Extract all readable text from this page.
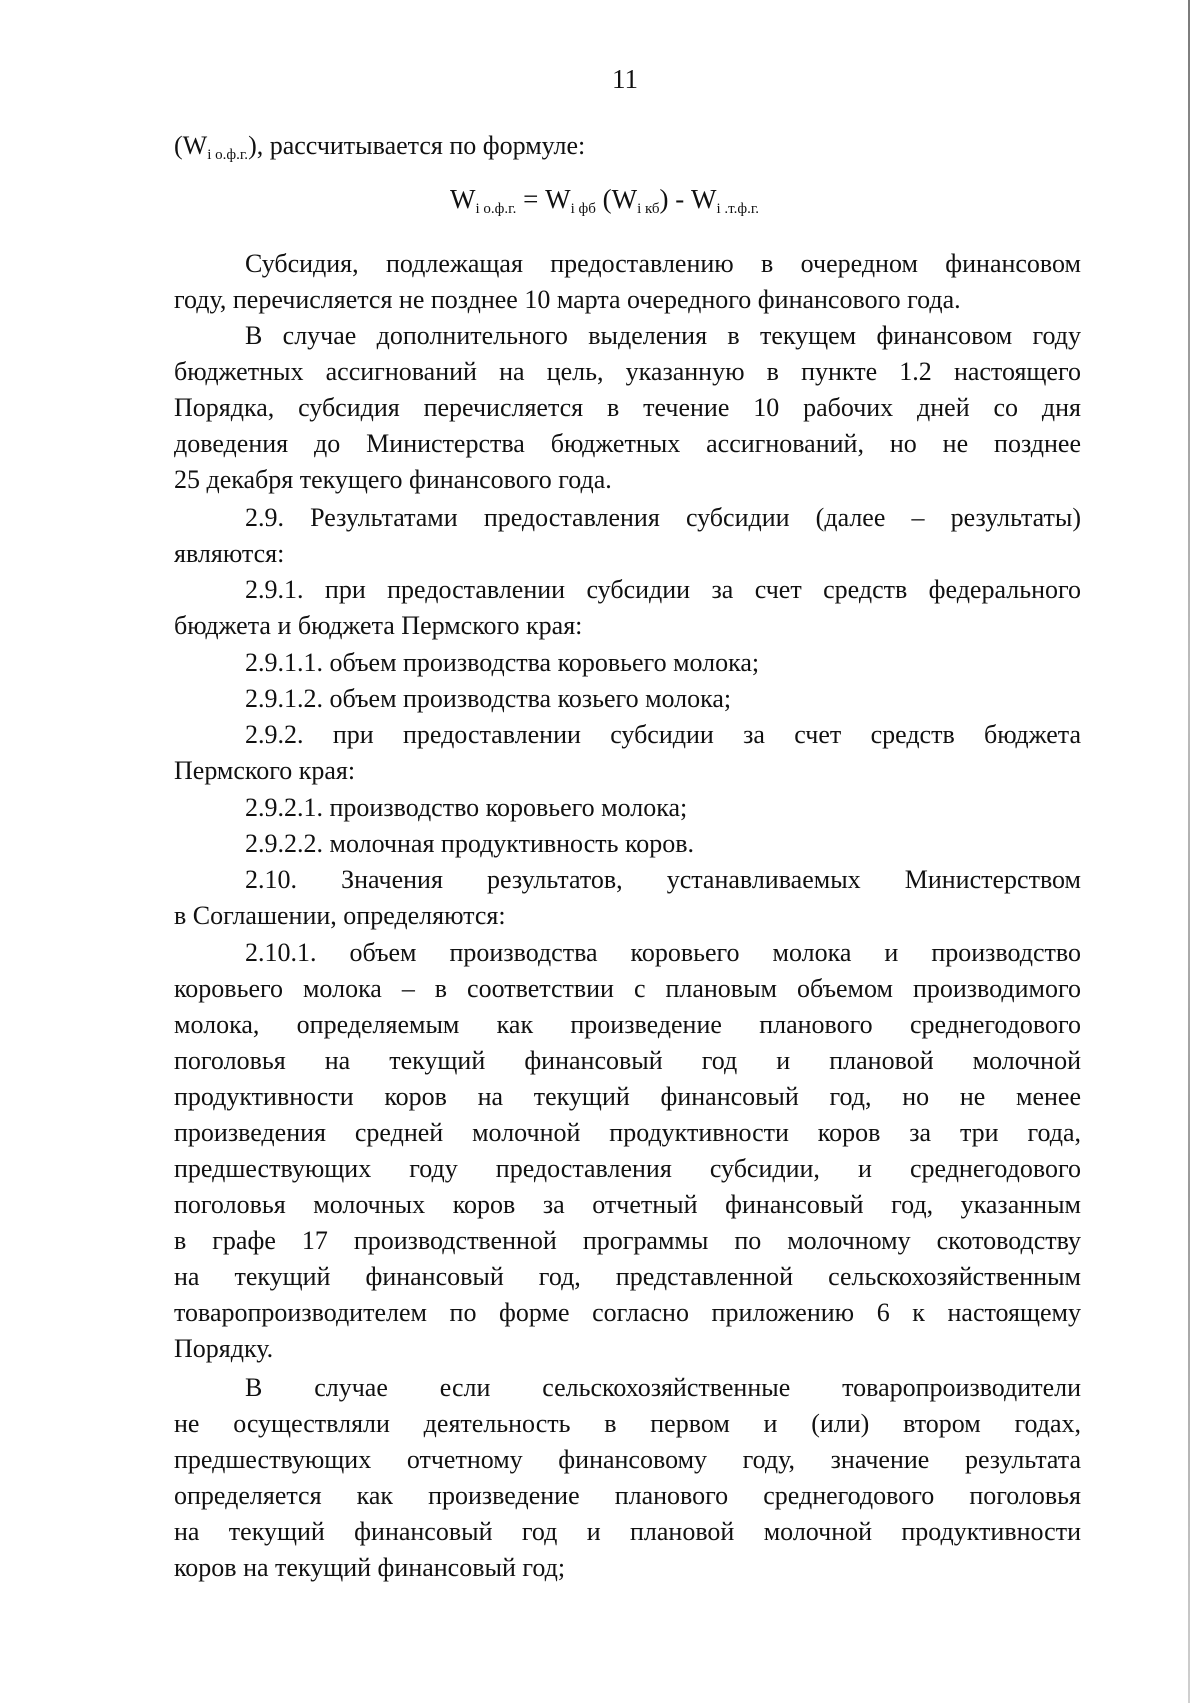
11
(Wi о.ф.г.), рассчитывается по формуле:
Wi о.ф.г. = Wi фб (Wi кб) - Wi .т.ф.г.
Субсидия, подлежащая предоставлению в очередном финансовом
году, перечисляется не позднее 10 марта очередного финансового года.
В случае дополнительного выделения в текущем финансовом году
бюджетных ассигнований на цель, указанную в пункте 1.2 настоящего
Порядка, субсидия перечисляется в течение 10 рабочих дней со дня
доведения до Министерства бюджетных ассигнований, но не позднее
25 декабря текущего финансового года.
2.9. Результатами предоставления субсидии (далее – результаты)
являются:
2.9.1. при предоставлении субсидии за счет средств федерального
бюджета и бюджета Пермского края:
2.9.1.1. объем производства коровьего молока;
2.9.1.2. объем производства козьего молока;
2.9.2. при предоставлении субсидии за счет средств бюджета
Пермского края:
2.9.2.1. производство коровьего молока;
2.9.2.2. молочная продуктивность коров.
2.10. Значения результатов, устанавливаемых Министерством
в Соглашении, определяются:
2.10.1. объем производства коровьего молока и производство
коровьего молока – в соответствии с плановым объемом производимого
молока, определяемым как произведение планового среднегодового
поголовья на текущий финансовый год и плановой молочной
продуктивности коров на текущий финансовый год, но не менее
произведения средней молочной продуктивности коров за три года,
предшествующих году предоставления субсидии, и среднегодового
поголовья молочных коров за отчетный финансовый год, указанным
в графе 17 производственной программы по молочному скотоводству
на текущий финансовый год, представленной сельскохозяйственным
товаропроизводителем по форме согласно приложению 6 к настоящему
Порядку.
В случае если сельскохозяйственные товаропроизводители
не осуществляли деятельность в первом и (или) втором годах,
предшествующих отчетному финансовому году, значение результата
определяется как произведение планового среднегодового поголовья
на текущий финансовый год и плановой молочной продуктивности
коров на текущий финансовый год;
